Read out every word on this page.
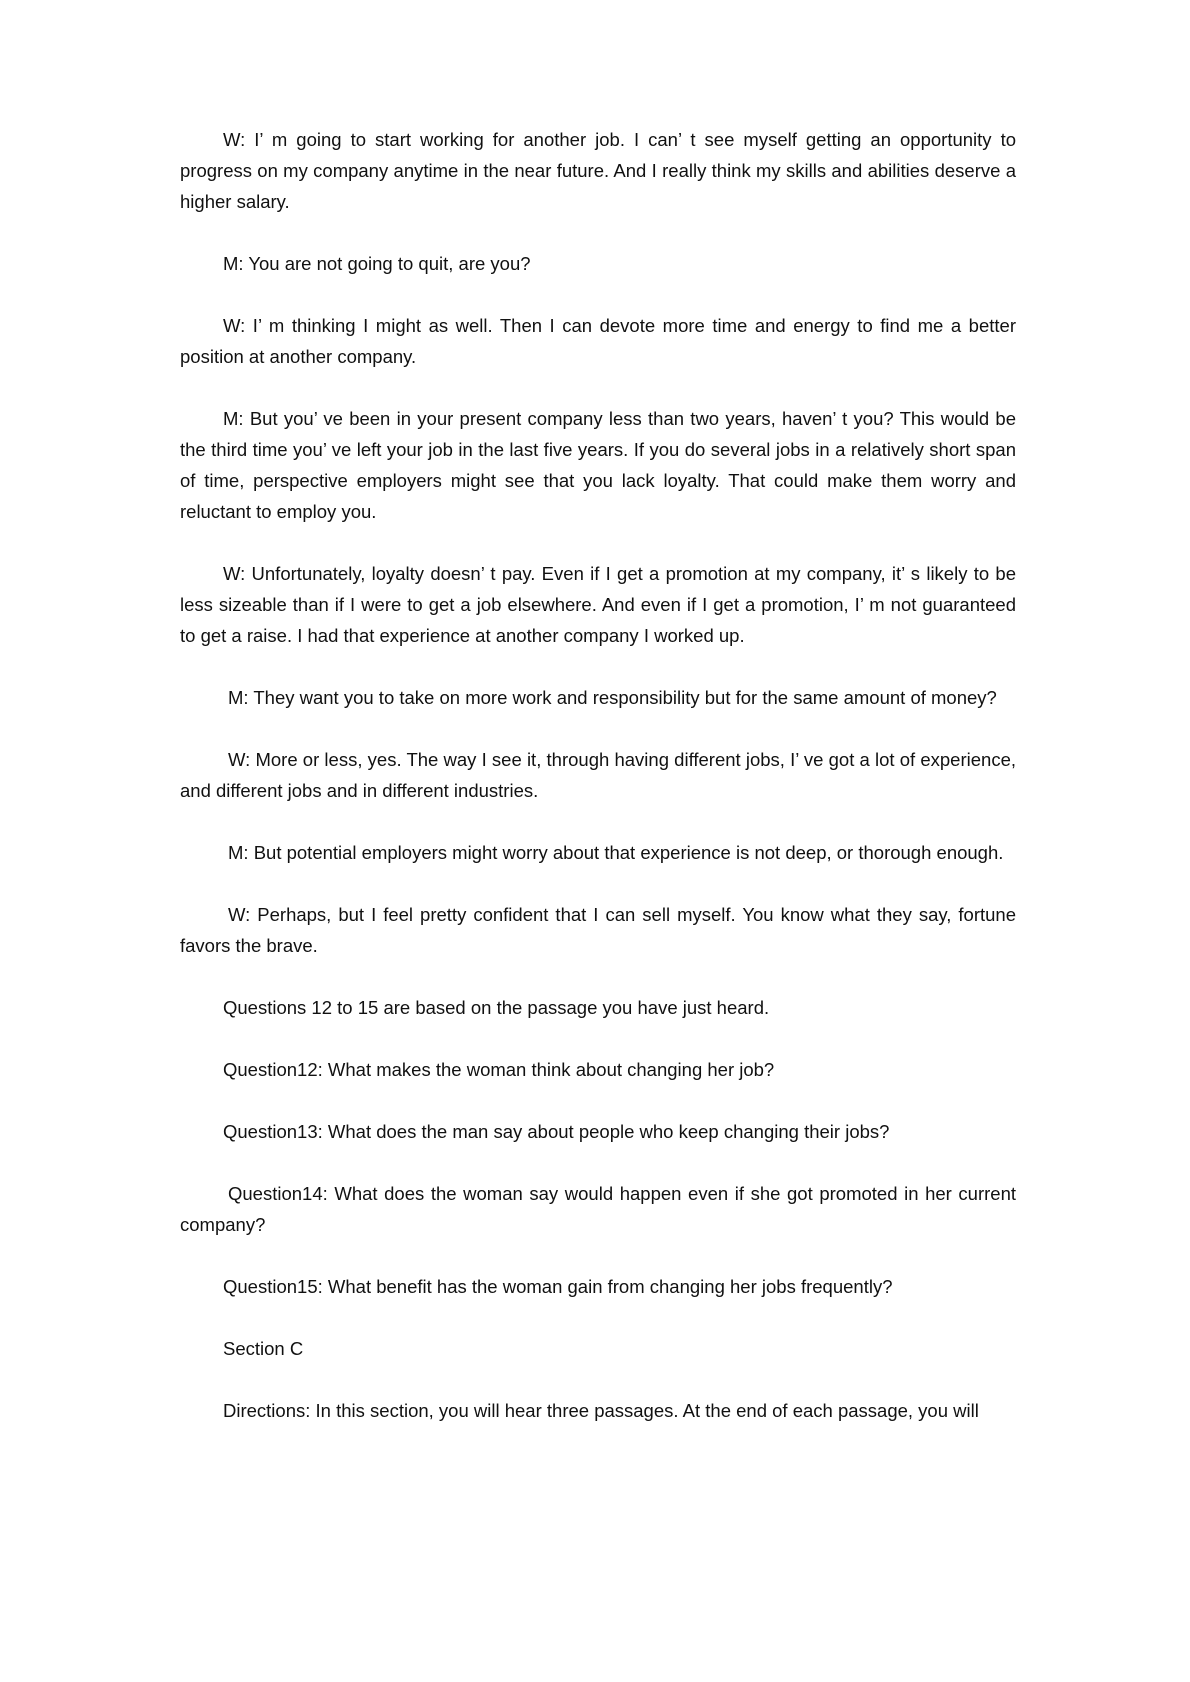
W: I’ m going to start working for another job. I can’ t see myself getting an opportunity to progress on my company anytime in the near future. And I really think my skills and abilities deserve a higher salary.

M: You are not going to quit, are you?

W: I’ m thinking I might as well. Then I can devote more time and energy to find me a better position at another company.

M: But you’ ve been in your present company less than two years, haven’ t you? This would be the third time you’ ve left your job in the last five years. If you do several jobs in a relatively short span of time, perspective employers might see that you lack loyalty. That could make them worry and reluctant to employ you.

W: Unfortunately, loyalty doesn’ t pay. Even if I get a promotion at my company, it’ s likely to be less sizeable than if I were to get a job elsewhere. And even if I get a promotion, I’ m not guaranteed to get a raise. I had that experience at another company I worked up.

M: They want you to take on more work and responsibility but for the same amount of money?

W: More or less, yes. The way I see it, through having different jobs, I’ ve got a lot of experience, and different jobs and in different industries.

M: But potential employers might worry about that experience is not deep, or thorough enough.

W: Perhaps, but I feel pretty confident that I can sell myself. You know what they say, fortune favors the brave.

Questions 12 to 15 are based on the passage you have just heard.

Question12: What makes the woman think about changing her job?

Question13: What does the man say about people who keep changing their jobs?

Question14: What does the woman say would happen even if she got promoted in her current company?

Question15: What benefit has the woman gain from changing her jobs frequently?

Section C

Directions: In this section, you will hear three passages. At the end of each passage, you will
